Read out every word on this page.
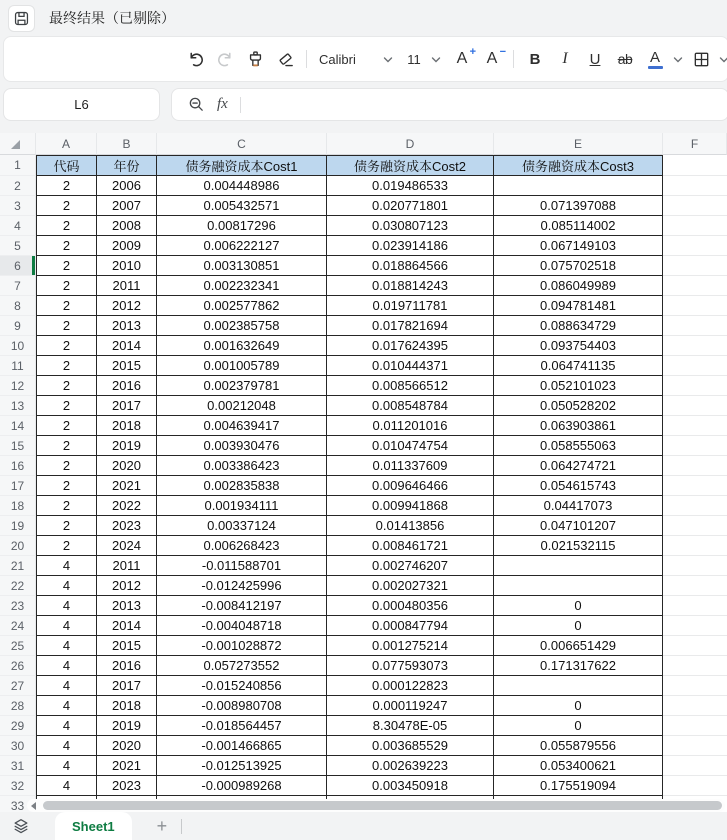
最终结果（已剔除）
Calibri	11 A + A − B I U ab A
L6	fx
	A	B	C	D	E	F
1	代码	年份	债务融资成本Cost1	债务融资成本Cost2	债务融资成本Cost3	
2	2	2006	0.004448986	0.019486533		
3	2	2007	0.005432571	0.020771801	0.071397088	
4	2	2008	0.00817296	0.030807123	0.085114002	
5	2	2009	0.006222127	0.023914186	0.067149103	
6	2	2010	0.003130851	0.018864566	0.075702518	
7	2	2011	0.002232341	0.018814243	0.086049989	
8	2	2012	0.002577862	0.019711781	0.094781481	
9	2	2013	0.002385758	0.017821694	0.088634729	
10	2	2014	0.001632649	0.017624395	0.093754403	
11	2	2015	0.001005789	0.010444371	0.064741135	
12	2	2016	0.002379781	0.008566512	0.052101023	
13	2	2017	0.00212048	0.008548784	0.050528202	
14	2	2018	0.004639417	0.011201016	0.063903861	
15	2	2019	0.003930476	0.010474754	0.058555063	
16	2	2020	0.003386423	0.011337609	0.064274721	
17	2	2021	0.002835838	0.009646466	0.054615743	
18	2	2022	0.001934111	0.009941868	0.04417073	
19	2	2023	0.00337124	0.01413856	0.047101207	
20	2	2024	0.006268423	0.008461721	0.021532115	
21	4	2011	-0.011588701	0.002746207		
22	4	2012	-0.012425996	0.002027321		
23	4	2013	-0.008412197	0.000480356	0	
24	4	2014	-0.004048718	0.000847794	0	
25	4	2015	-0.001028872	0.001275214	0.006651429	
26	4	2016	0.057273552	0.077593073	0.171317622	
27	4	2017	-0.015240856	0.000122823		
28	4	2018	-0.008980708	0.000119247	0	
29	4	2019	-0.018564457	8.30478E-05	0	
30	4	2020	-0.001466865	0.003685529	0.055879556	
31	4	2021	-0.012513925	0.002639223	0.053400621	
32	4	2023	-0.000989268	0.003450918	0.175519094	
33						
Sheet1	+
